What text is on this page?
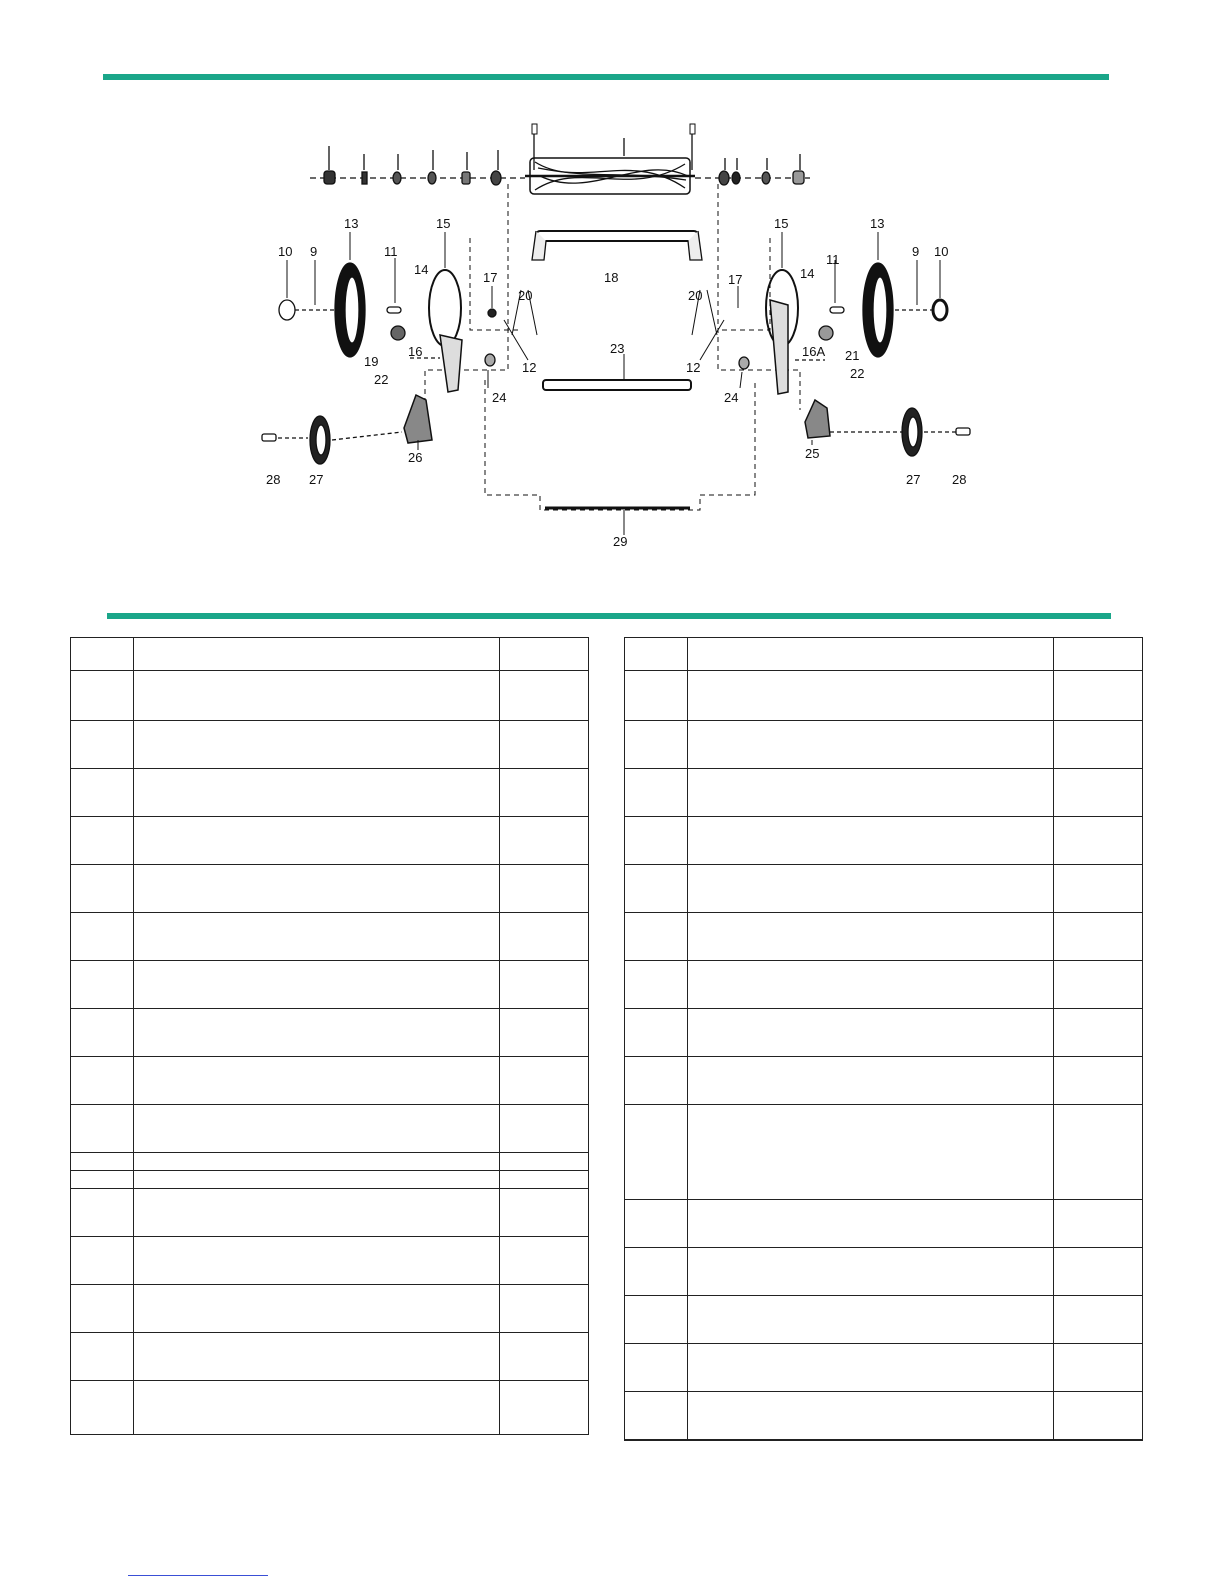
13	13
10 9	10
9
11
11
14	14
15	15
17	17
18
20	20
12	12
16	16A
19	21
22	22
23
24	24
26	25
27	27
28	28
29
